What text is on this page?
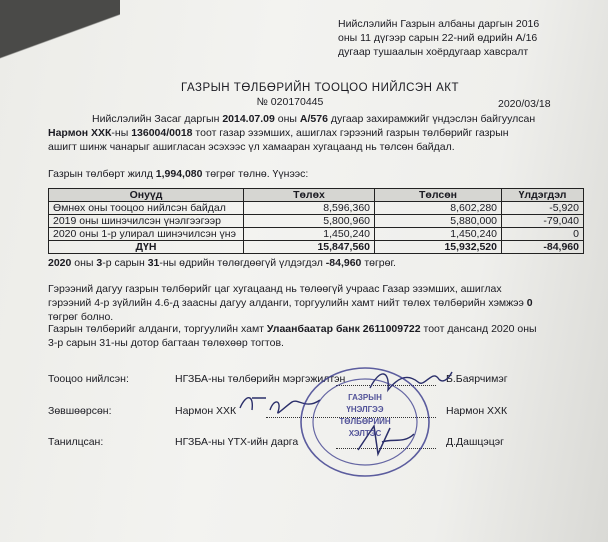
Нийслэлийн Газрын албаны даргын 2016
оны 11 дүгээр сарын 22-ний өдрийн А/16
дугаар тушаалын хоёрдугаар хавсралт
ГАЗРЫН ТӨЛБӨРИЙН ТООЦОО НИЙЛСЭН АКТ
№ 020170445	2020/03/18
Нийслэлийн Засаг даргын 2014.07.09 оны А/576 дугаар захирамжийг үндэслэн байгуулсан
Нармон ХХК-ны 136004/0018 тоот газар эзэмших, ашиглах гэрээний газрын төлбөрийг газрын
ашигт шинж чанарыг ашигласан эсэхээс үл хамааран хугацаанд нь төлсөн байдал.
Газрын төлбөрт жилд 1,994,080 төгрөг төлнө. Үүнээс:
Онуүд	Төлөх	Төлсөн	Үлдэгдэл
Өмнөх оны тооцоо нийлсэн байдал	8,596,360	8,602,280	-5,920
2019 оны шинэчилсэн үнэлгээгээр	5,800,960	5,880,000	-79,040
2020 оны 1-р улирал шинэчилсэн үнэ	1,450,240	1,450,240	0
ДҮН	15,847,560	15,932,520	-84,960
2020 оны 3-р сарын 31-ны өдрийн төлөгдөөгүй үлдэгдэл -84,960 төгрөг.
Гэрээний дагуу газрын төлбөрийг цаг хугацаанд нь төлөөгүй учраас Газар эзэмших, ашиглах
гэрээний 4-р зүйлийн 4.6-д заасны дагуу алданги, торгуулийн хамт нийт төлөх төлбөрийн хэмжээ 0
төгрөг болно.
Газрын төлбөрийг алданги, торгуулийн хамт Улаанбаатар банк 2611009722 тоот дансанд 2020 оны
3-р сарын 31-ны дотор багтаан төлөхөөр тогтов.
Тооцоо нийлсэн:	НГЗБА-ны төлбөрийн мэргэжилтэн	Б.Баярчимэг
Зөвшөөрсөн:	Нармон ХХК	Нармон ХХК
Танилцсан:	НГЗБА-ны ҮТХ-ийн дарга	Д.Дашцэцэг
ГАЗРЫН
ҮНЭЛГЭЭ
ТӨЛБӨРИЙН
ХЭЛТЭС
